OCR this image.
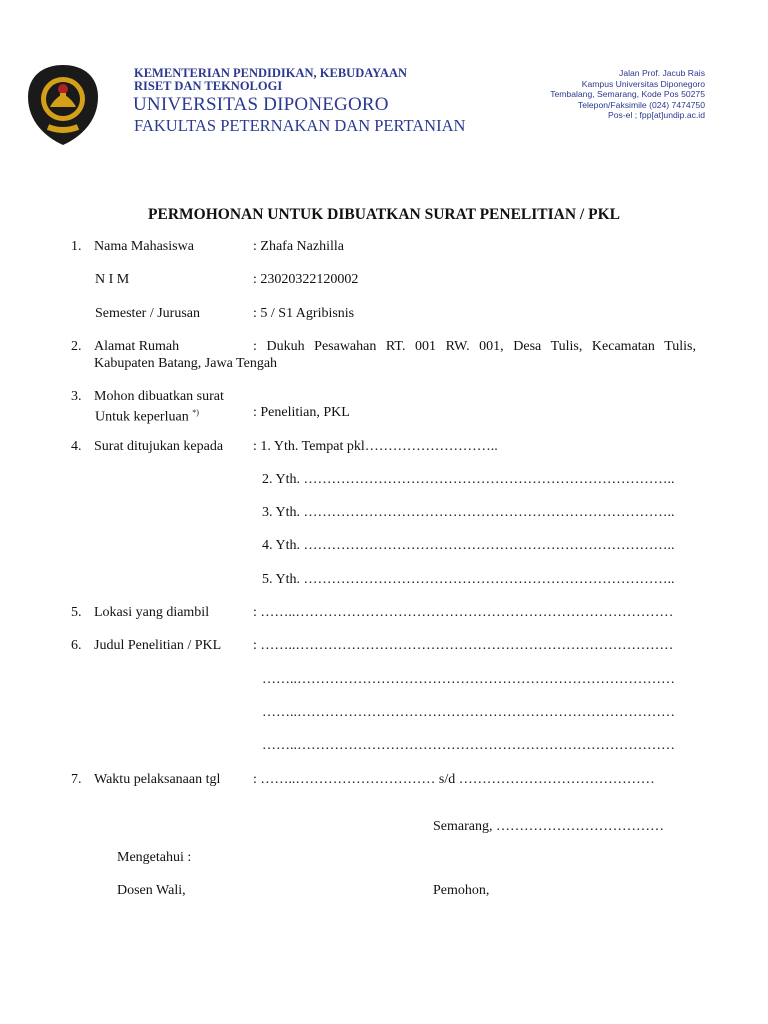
KEMENTERIAN PENDIDIKAN, KEBUDAYAAN
RISET DAN TEKNOLOGI
UNIVERSITAS DIPONEGORO
FAKULTAS PETERNAKAN DAN PERTANIAN
Jalan Prof. Jacub Rais
Kampus Universitas Diponegoro
Tembalang, Semarang, Kode Pos 50275
Telepon/Faksimile (024) 7474750
Pos-el ; fpp[at]undip.ac.id
PERMOHONAN UNTUK DIBUATKAN SURAT PENELITIAN / PKL
1. Nama Mahasiswa	: Zhafa Nazhilla
N I M	: 23020322120002
Semester / Jurusan	: 5 / S1 Agribisnis
2. Alamat Rumah	: Dukuh Pesawahan RT. 001 RW. 001, Desa Tulis, Kecamatan Tulis,
Kabupaten Batang, Jawa Tengah
3. Mohon dibuatkan surat
Untuk keperluan *)	: Penelitian, PKL
4. Surat ditujukan kepada : 1. Yth. Tempat pkl………………………..
2. Yth. ……………………………………………………………………..
3. Yth. ……………………………………………………………………..
4. Yth. ……………………………………………………………………..
5. Yth. ……………………………………………………………………..
5. Lokasi yang diambil	: ……..………………………………………………………………………
6. Judul Penelitian / PKL : ……..………………………………………………………………………
……..………………………………………………………………………
……..………………………………………………………………………
……..………………………………………………………………………
7. Waktu pelaksanaan tgl : ……..………………………… s/d ……………………………………
Semarang, ………………………………
Mengetahui :
Dosen Wali,	Pemohon,
